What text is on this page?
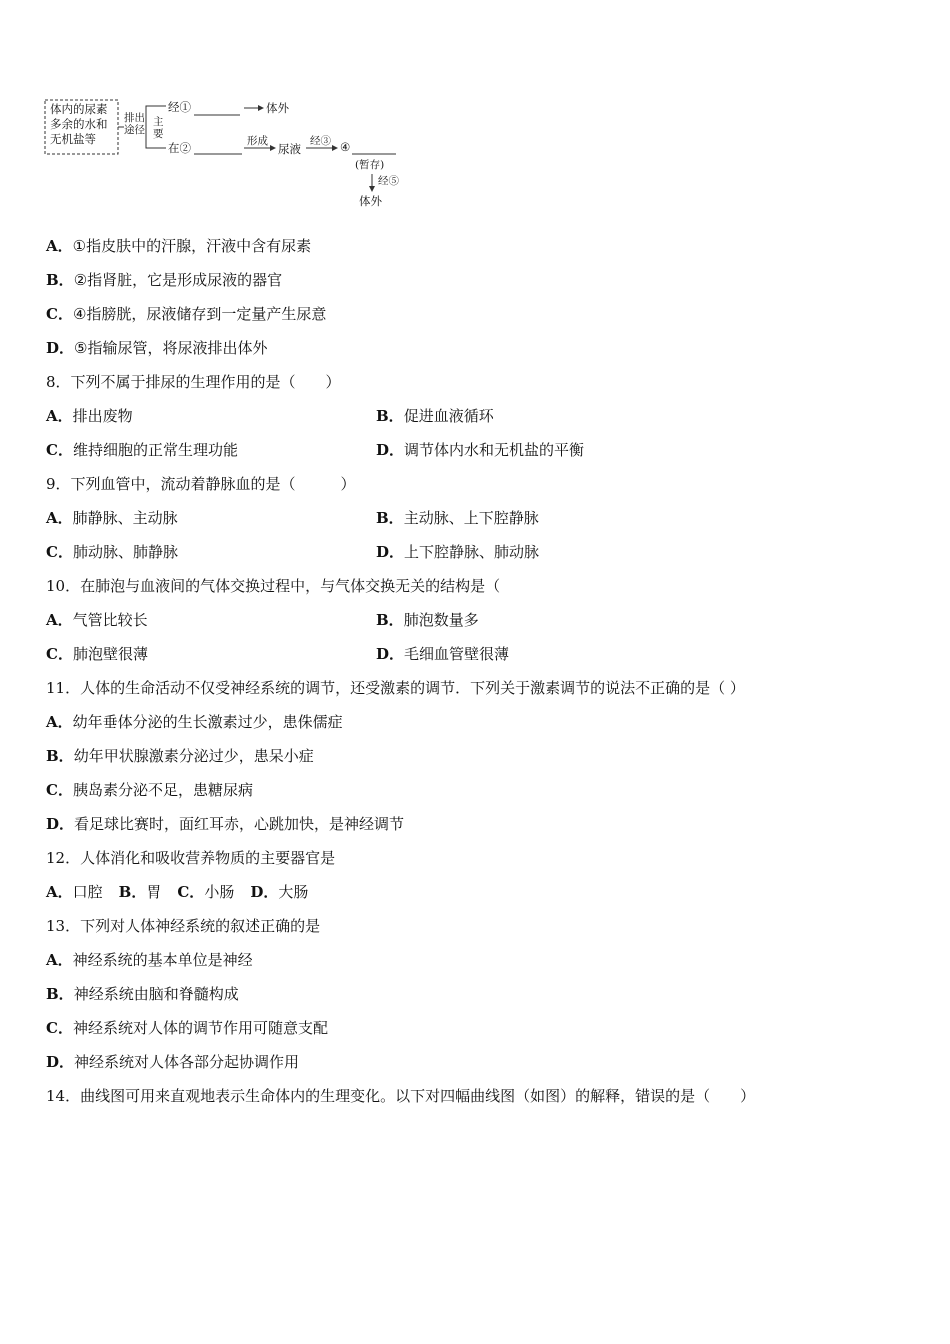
体内的尿素
多余的水和
无机盐等
排出途径
主要
经①	体外
在②	形成
尿液
经③ ④
(暂存)
经⑤
体外
A．①指皮肤中的汗腺，汗液中含有尿素
B．②指肾脏，它是形成尿液的器官
C．④指膀胱，尿液储存到一定量产生尿意
D．⑤指输尿管，将尿液排出体外
8．下列不属于排尿的生理作用的是（　　）
A．排出废物	B．促进血液循环
C．维持细胞的正常生理功能	D．调节体内水和无机盐的平衡
9．下列血管中，流动着静脉血的是（　　　）
A．肺静脉、主动脉	B．主动脉、上下腔静脉
C．肺动脉、肺静脉	D．上下腔静脉、肺动脉
10．在肺泡与血液间的气体交换过程中，与气体交换无关的结构是（
A．气管比较长	B．肺泡数量多
C．肺泡壁很薄	D．毛细血管壁很薄
11．人体的生命活动不仅受神经系统的调节，还受激素的调节．下列关于激素调节的说法不正确的是（ ）
A．幼年垂体分泌的生长激素过少，患侏儒症
B．幼年甲状腺激素分泌过少，患呆小症
C．胰岛素分泌不足，患糖尿病
D．看足球比赛时，面红耳赤，心跳加快，是神经调节
12．人体消化和吸收营养物质的主要器官是
A．口腔 B．胃 C．小肠 D．大肠
13．下列对人体神经系统的叙述正确的是
A．神经系统的基本单位是神经
B．神经系统由脑和脊髓构成
C．神经系统对人体的调节作用可随意支配
D．神经系统对人体各部分起协调作用
14．曲线图可用来直观地表示生命体内的生理变化。以下对四幅曲线图（如图）的解释，错误的是（　　）
